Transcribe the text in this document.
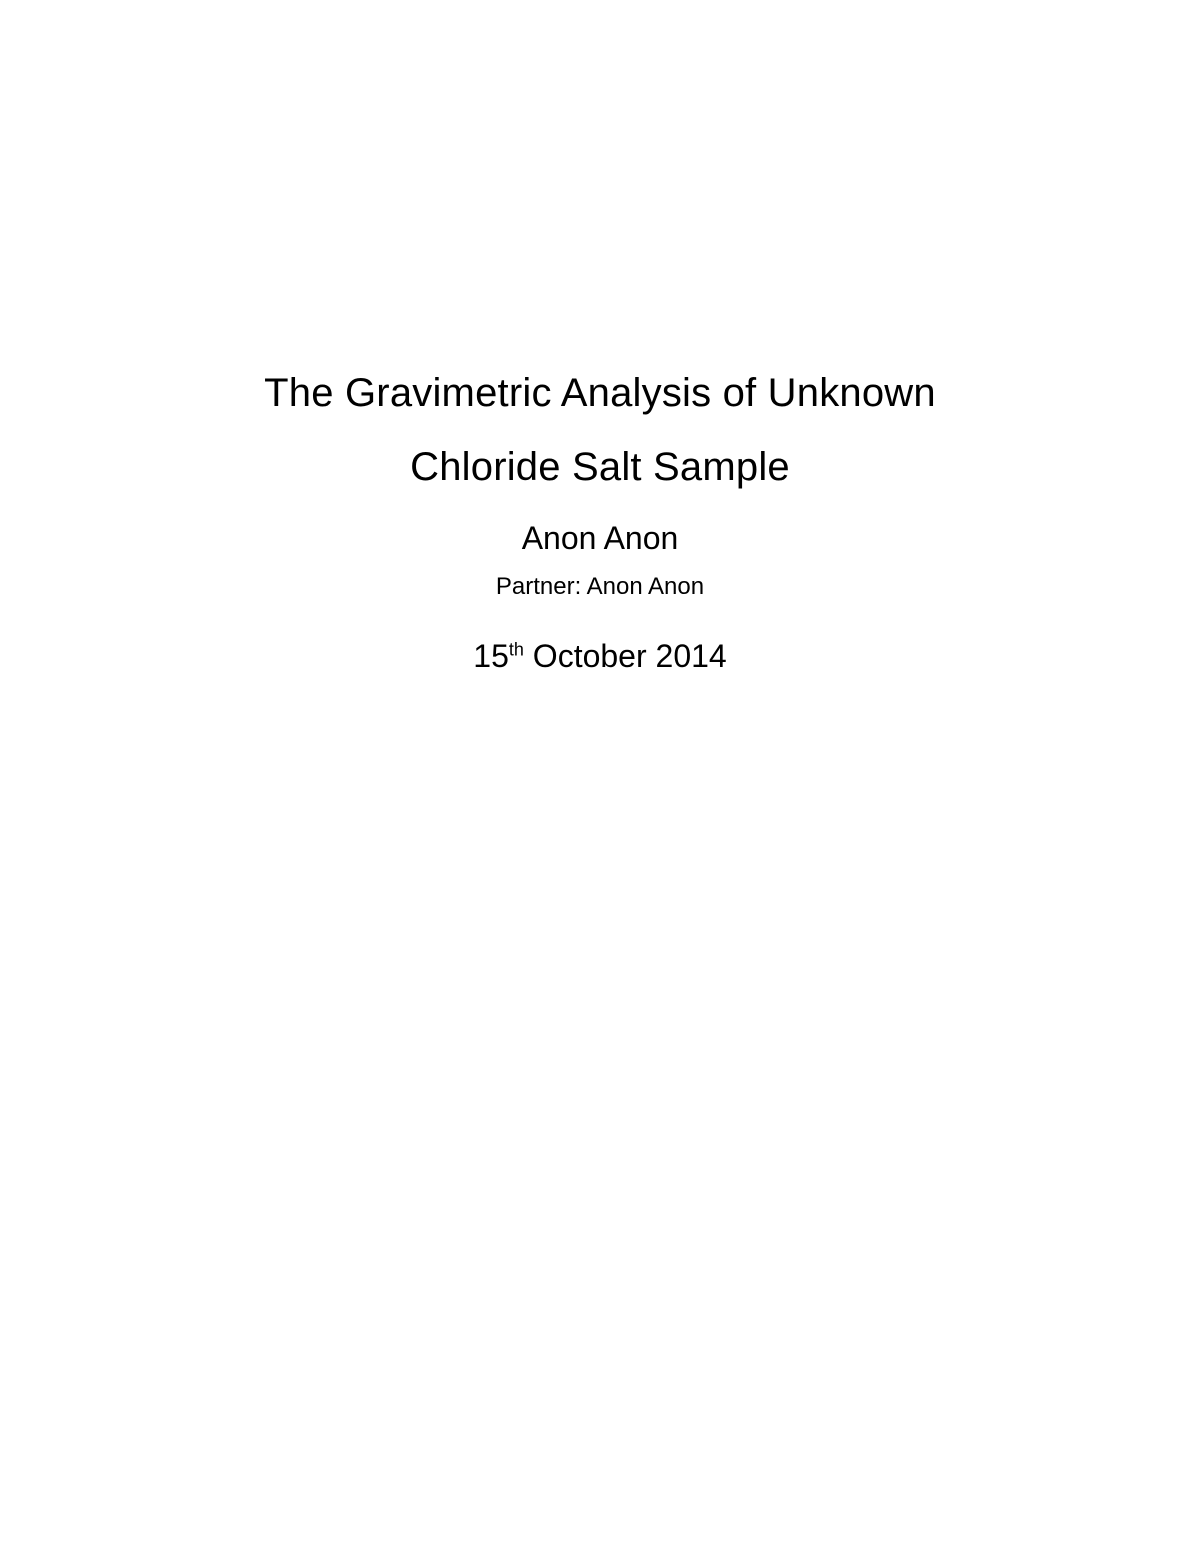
The Gravimetric Analysis of Unknown
Chloride Salt Sample
Anon Anon
Partner: Anon Anon
15th October 2014
